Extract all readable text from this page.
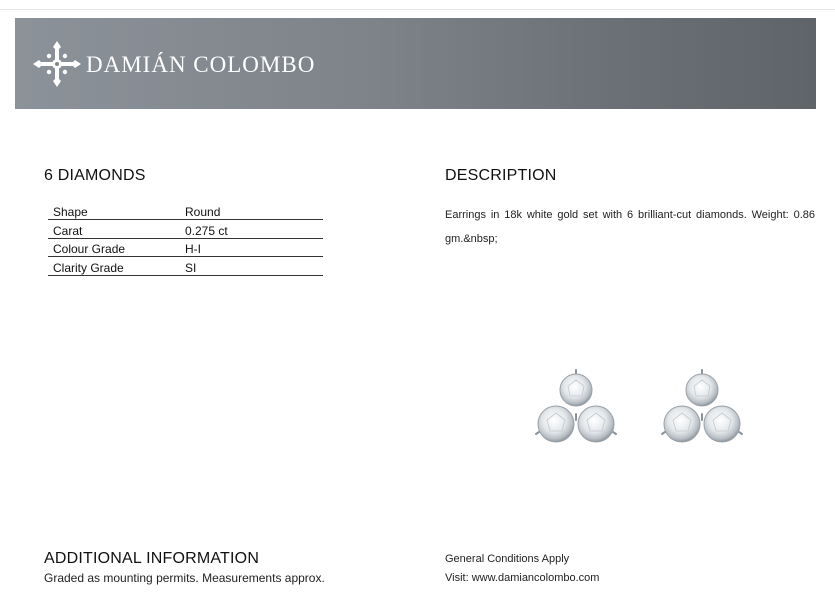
DAMIÁN COLOMBO
6 DIAMONDS
Shape	Round
Carat	0.275 ct
Colour Grade	H-I
Clarity Grade	SI
DESCRIPTION

Earrings in 18k white gold set with 6 brilliant-cut diamonds. Weight: 0.86 gm.&nbsp;

ADDITIONAL INFORMATION
Graded as mounting permits. Measurements approx.
General Conditions Apply
Visit: www.damiancolombo.com
